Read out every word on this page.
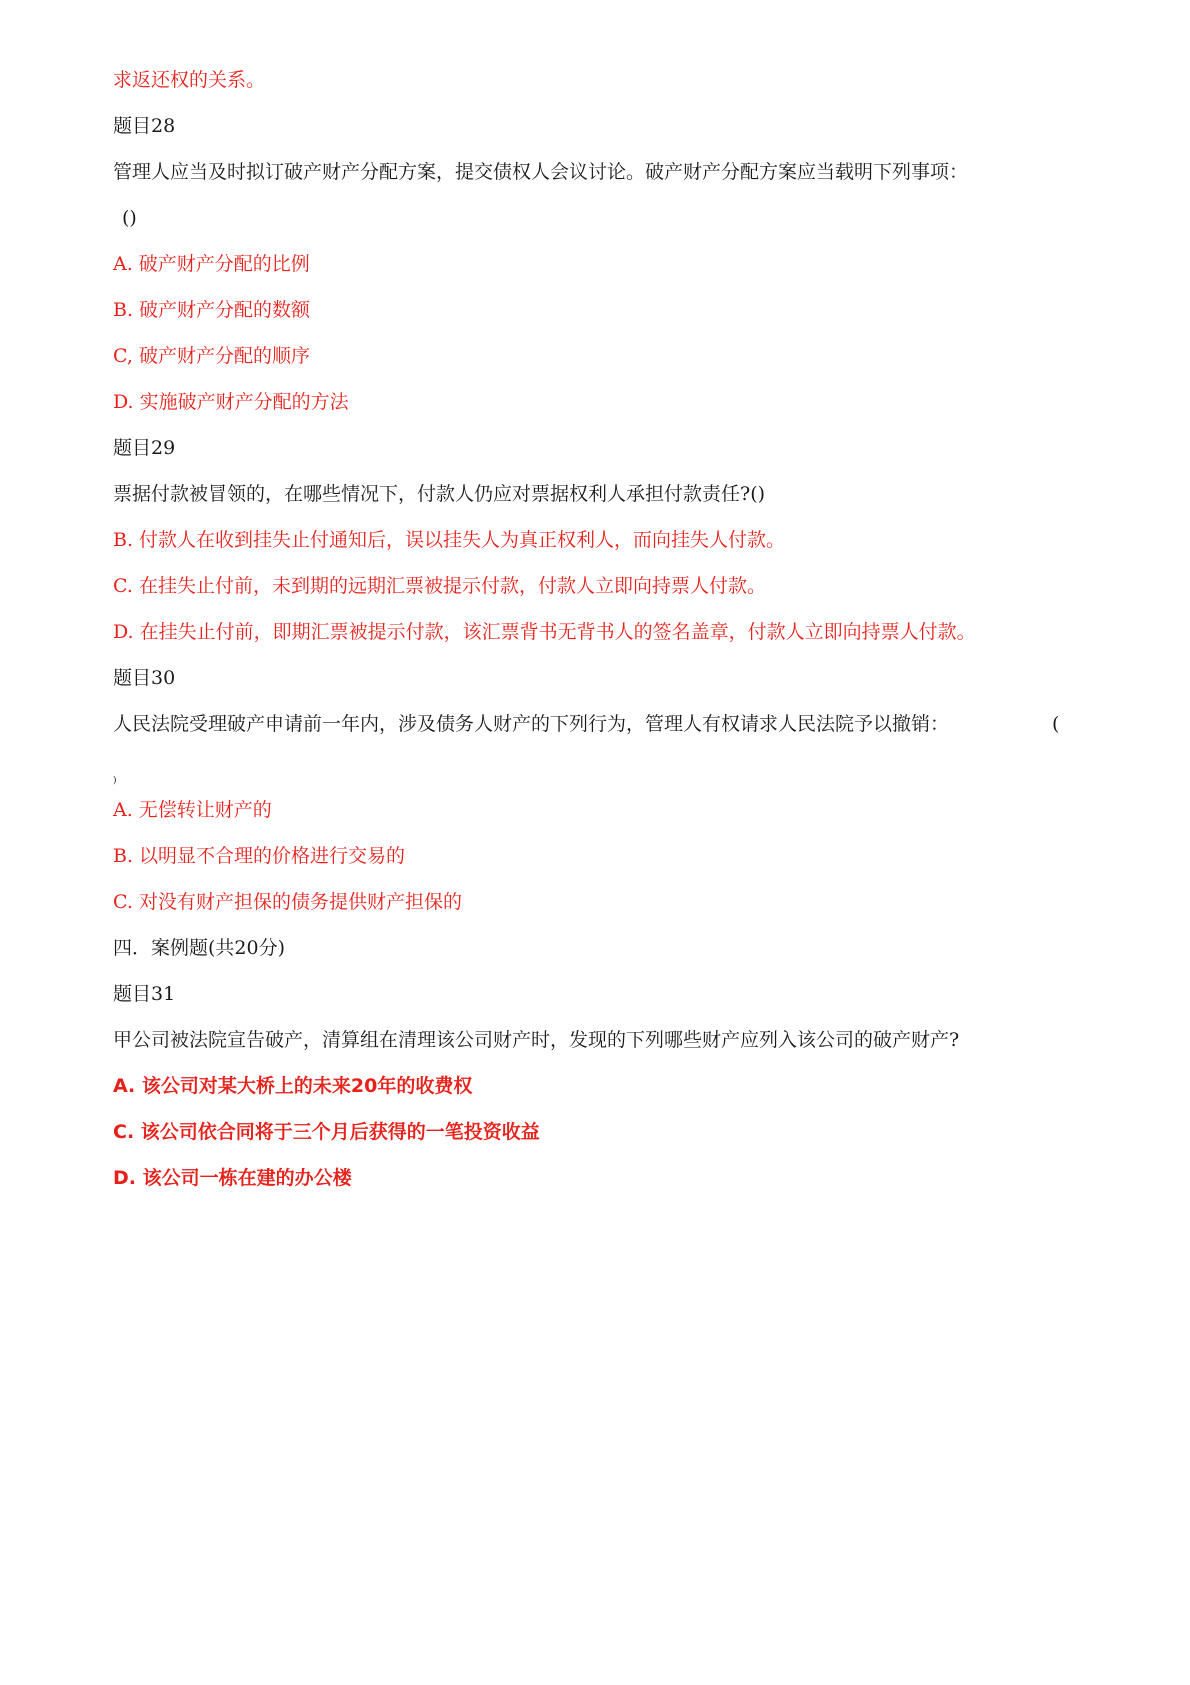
求返还权的关系。
题目28
管理人应当及时拟订破产财产分配方案，提交债权人会议讨论。破产财产分配方案应当载明下列事项：
()
A. 破产财产分配的比例
B. 破产财产分配的数额
C, 破产财产分配的顺序
D. 实施破产财产分配的方法
题目29
票据付款被冒领的，在哪些情况下，付款人仍应对票据权利人承担付款责任?()
B. 付款人在收到挂失止付通知后，误以挂失人为真正权利人，而向挂失人付款。
C. 在挂失止付前，未到期的远期汇票被提示付款，付款人立即向持票人付款。
D. 在挂失止付前，即期汇票被提示付款，该汇票背书无背书人的签名盖章，付款人立即向持票人付款。
题目30
人民法院受理破产申请前一年内，涉及债务人财产的下列行为，管理人有权请求人民法院予以撤销：	(
)
A. 无偿转让财产的
B. 以明显不合理的价格进行交易的
C. 对没有财产担保的债务提供财产担保的
四．案例题(共20分)
题目31
甲公司被法院宣告破产，清算组在清理该公司财产时，发现的下列哪些财产应列入该公司的破产财产?
A. 该公司对某大桥上的未来20年的收费权
C. 该公司依合同将于三个月后获得的一笔投资收益
D. 该公司一栋在建的办公楼
